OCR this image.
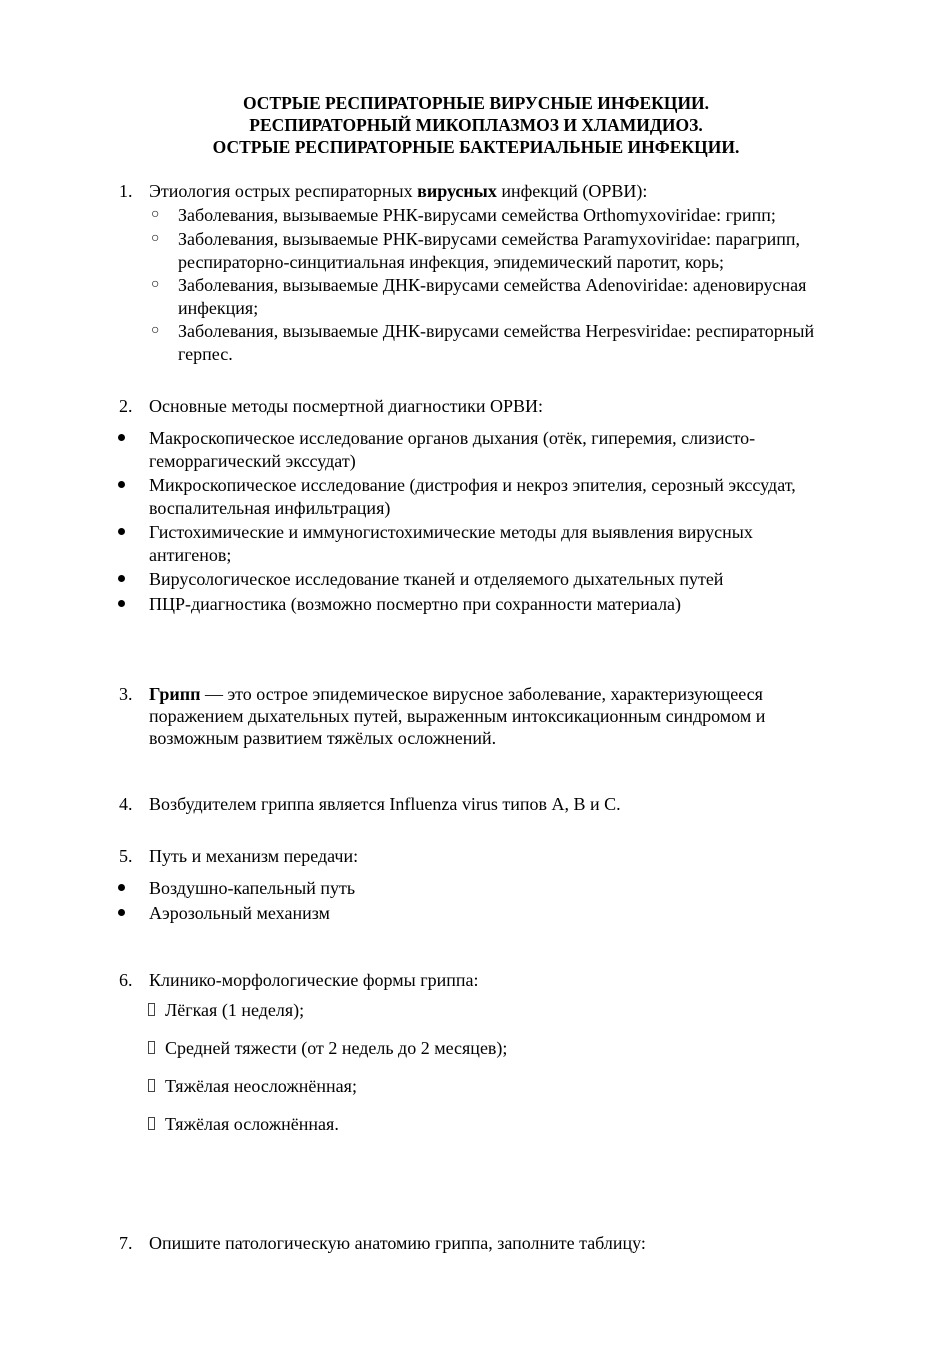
ОСТРЫЕ РЕСПИРАТОРНЫЕ ВИРУСНЫЕ ИНФЕКЦИИ.
РЕСПИРАТОРНЫЙ МИКОПЛАЗМОЗ И ХЛАМИДИОЗ.
ОСТРЫЕ РЕСПИРАТОРНЫЕ БАКТЕРИАЛЬНЫЕ ИНФЕКЦИИ.
1. Этиология острых респираторных вирусных инфекций (ОРВИ):
○ Заболевания, вызываемые РНК-вирусами семейства Orthomyxoviridae: грипп;
○ Заболевания, вызываемые РНК-вирусами семейства Paramyxoviridae: парагрипп,
респираторно-синцитиальная инфекция, эпидемический паротит, корь;
○ Заболевания, вызываемые ДНК-вирусами семейства Adenoviridae: аденовирусная
инфекция;
○ Заболевания, вызываемые ДНК-вирусами семейства Herpesviridae: респираторный
герпес.
2. Основные методы посмертной диагностики ОРВИ:
Макроскопическое исследование органов дыхания (отёк, гиперемия, слизисто-
геморрагический экссудат)
Микроскопическое исследование (дистрофия и некроз эпителия, серозный экссудат,
воспалительная инфильтрация)
Гистохимические и иммуногистохимические методы для выявления вирусных
антигенов;
Вирусологическое исследование тканей и отделяемого дыхательных путей
ПЦР-диагностика (возможно посмертно при сохранности материала)
3. Грипп — это острое эпидемическое вирусное заболевание, характеризующееся
поражением дыхательных путей, выраженным интоксикационным синдромом и
возможным развитием тяжёлых осложнений.
4. Возбудителем гриппа является Influenza virus типов A, B и C.
5. Путь и механизм передачи:
Воздушно-капельный путь
Аэрозольный механизм
6. Клинико-морфологические формы гриппа:
Лёгкая (1 неделя);
Средней тяжести (от 2 недель до 2 месяцев);
Тяжёлая неосложнённая;
Тяжёлая осложнённая.
7. Опишите патологическую анатомию гриппа, заполните таблицу:
